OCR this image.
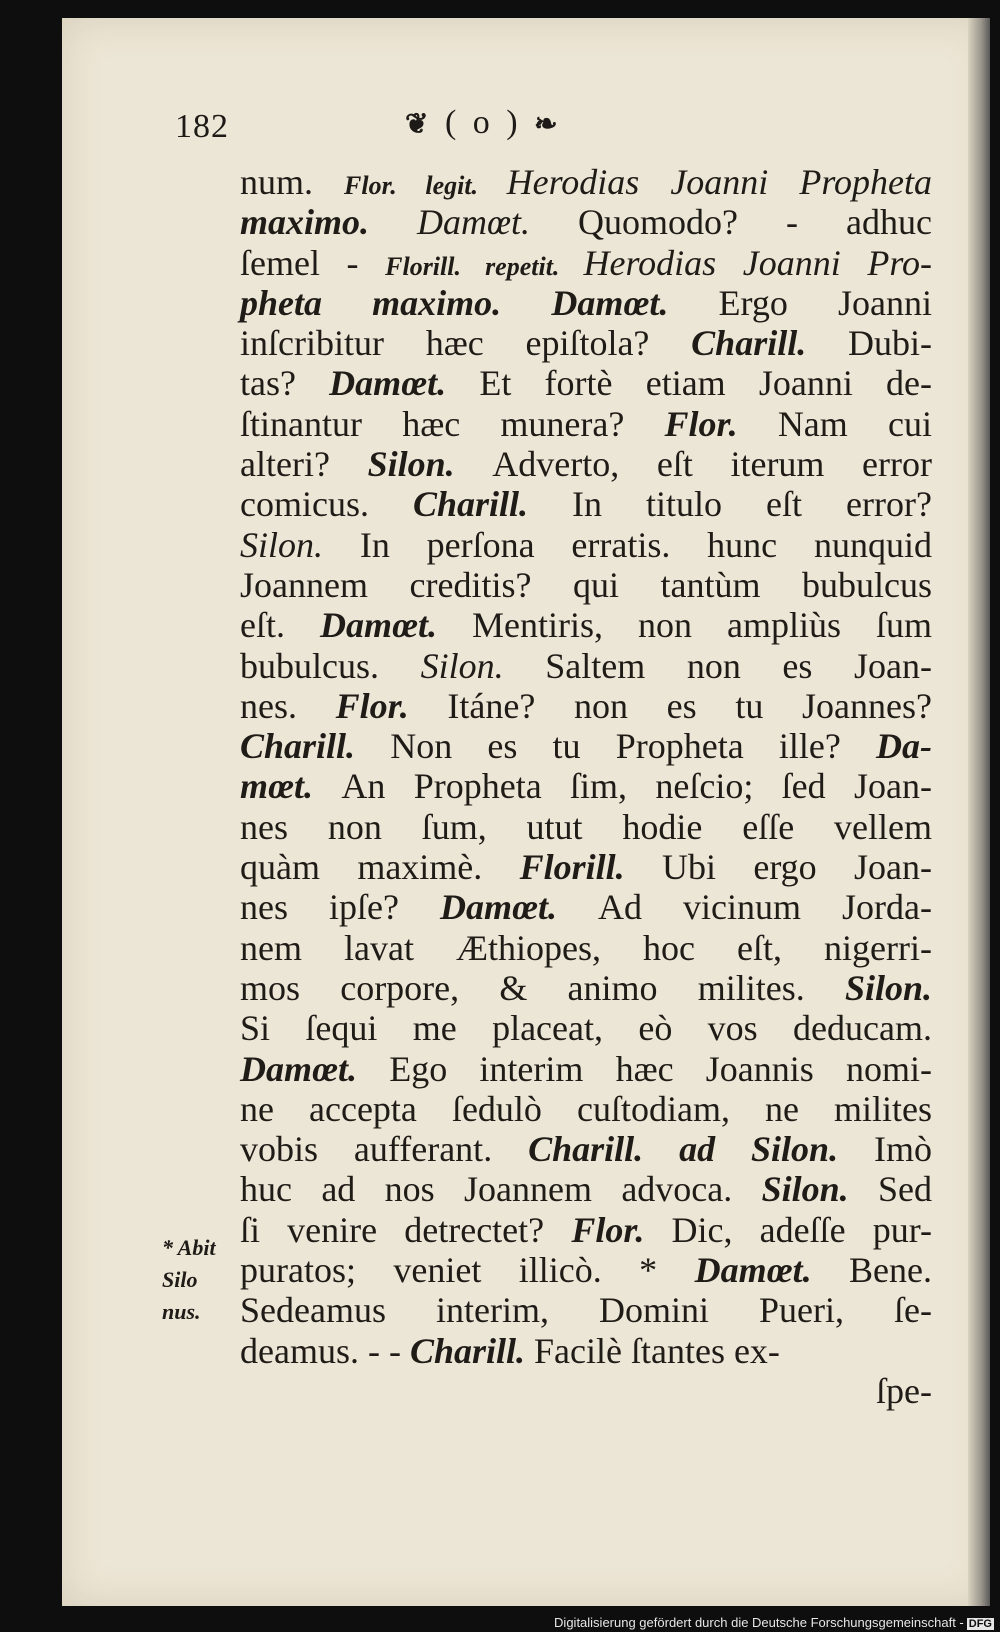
182	❦ ( o ) ❧
num. Flor. legit. Herodias Joanni Propheta
maximo. Damœt. Quomodo? - adhuc
ſemel - Florill. repetit. Herodias Joanni Pro-
pheta maximo. Damœt. Ergo Joanni
inſcribitur hæc epiſtola? Charill. Dubi-
tas? Damœt. Et fortè etiam Joanni de-
ſtinantur hæc munera? Flor. Nam cui
alteri? Silon. Adverto, eſt iterum error
comicus. Charill. In titulo eſt error?
Silon. In perſona erratis. hunc nunquid
Joannem creditis? qui tantùm bubulcus
eſt. Damœt. Mentiris, non ampliùs ſum
bubulcus. Silon. Saltem non es Joan-
nes. Flor. Itáne? non es tu Joannes?
Charill. Non es tu Propheta ille? Da-
mœt. An Propheta ſim, neſcio; ſed Joan-
nes non ſum, utut hodie eſſe vellem
quàm maximè. Florill. Ubi ergo Joan-
nes ipſe? Damœt. Ad vicinum Jorda-
nem lavat Æthiopes, hoc eſt, nigerri-
mos corpore, & animo milites. Silon.
Si ſequi me placeat, eò vos deducam.
Damœt. Ego interim hæc Joannis nomi-
ne accepta ſedulò cuſtodiam, ne milites
vobis aufferant. Charill. ad Silon. Imò
huc ad nos Joannem advoca. Silon. Sed
ſi venire detrectet? Flor. Dic, adeſſe pur-
puratos; veniet illicò. * Damœt. Bene.
Sedeamus interim, Domini Pueri, ſe-
deamus. - - Charill. Facilè ſtantes ex-
ſpe-
* Abit
Silo
nus.
Digitalisierung gefördert durch die Deutsche Forschungsgemeinschaft - DFG
